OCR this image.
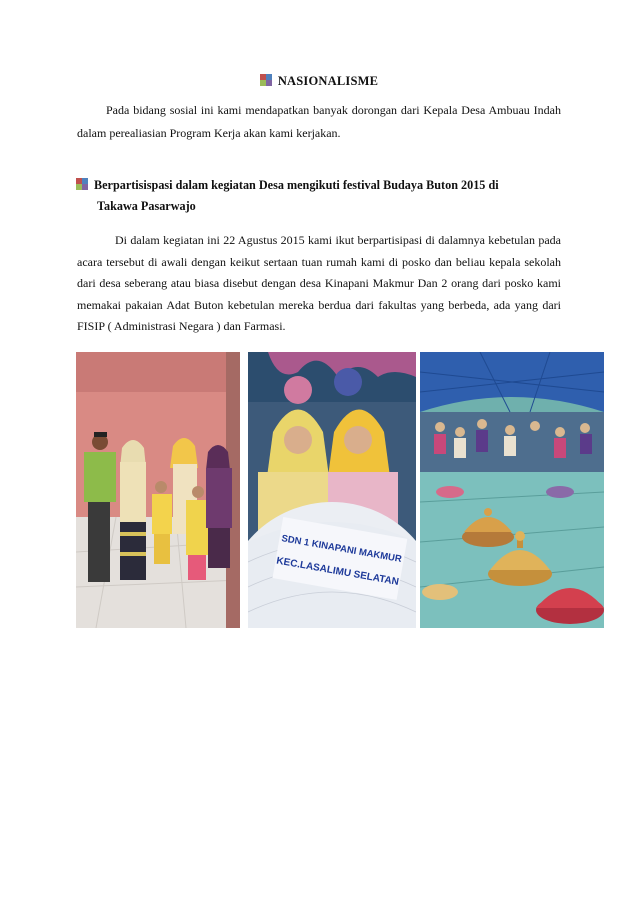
NASIONALISME
Pada bidang sosial ini kami mendapatkan banyak dorongan dari Kepala Desa Ambuau Indah dalam perealiasian Program Kerja akan kami kerjakan.
Berpartisispasi dalam kegiatan Desa mengikuti festival Budaya Buton 2015 di
Takawa Pasarwajo
Di dalam kegiatan ini 22 Agustus 2015 kami ikut berpartisipasi di dalamnya kebetulan pada acara tersebut di awali dengan keikut sertaan tuan rumah kami di posko dan beliau kepala sekolah dari desa seberang atau biasa disebut dengan desa Kinapani Makmur Dan 2 orang dari posko kami memakai pakaian Adat Buton kebetulan mereka berdua dari fakultas yang berbeda, ada yang dari FISIP ( Administrasi Negara ) dan Farmasi.
SDN 1 KINAPANI MAKMUR
KEC.LASALIMU SELATAN
